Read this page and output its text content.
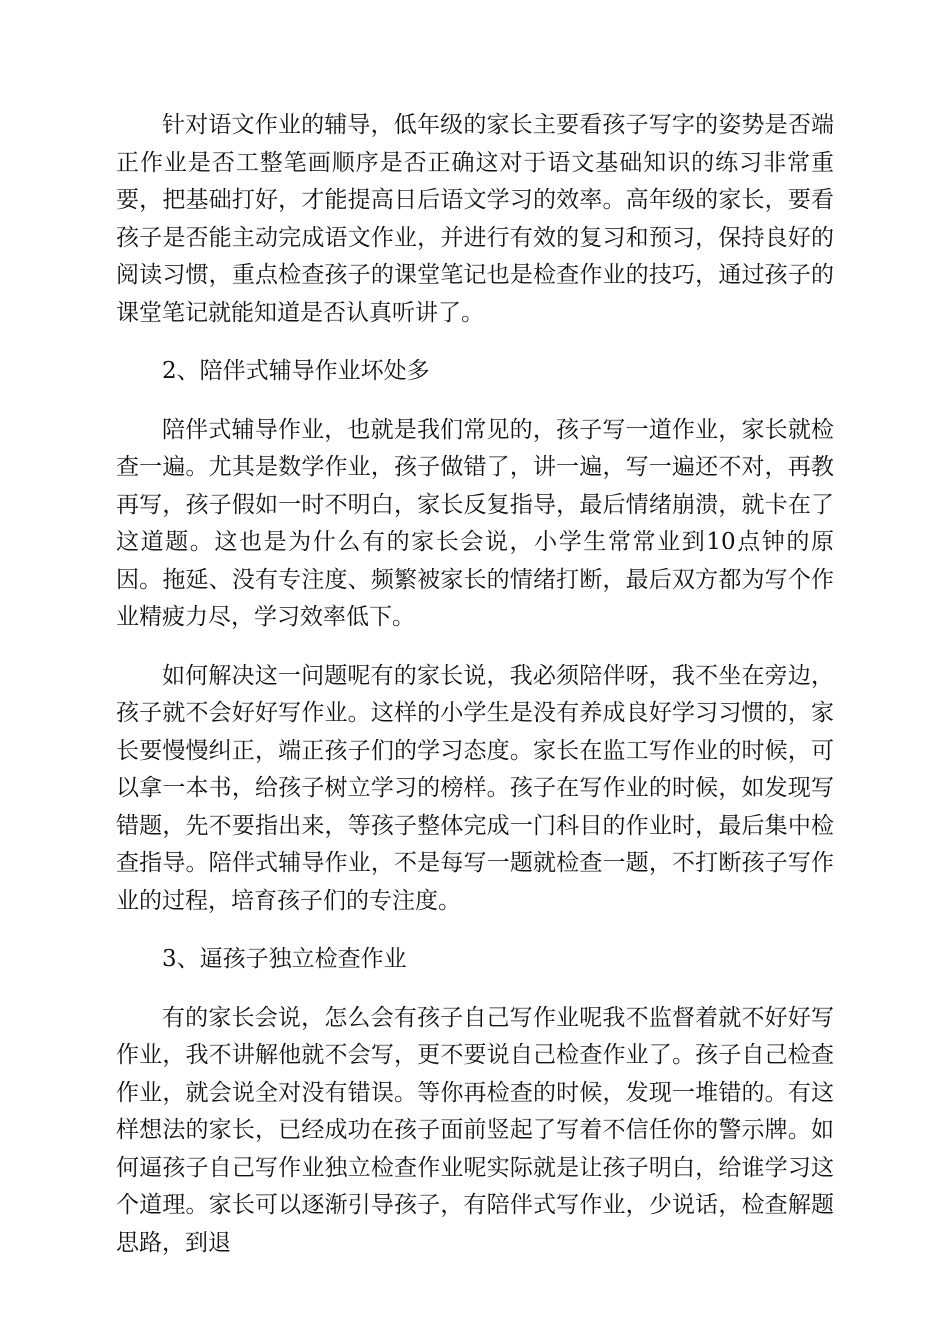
针对语文作业的辅导，低年级的家长主要看孩子写字的姿势是否端正作业是否工整笔画顺序是否正确这对于语文基础知识的练习非常重要，把基础打好，才能提高日后语文学习的效率。高年级的家长，要看孩子是否能主动完成语文作业，并进行有效的复习和预习，保持良好的阅读习惯，重点检查孩子的课堂笔记也是检查作业的技巧，通过孩子的课堂笔记就能知道是否认真听讲了。

2、陪伴式辅导作业坏处多

陪伴式辅导作业，也就是我们常见的，孩子写一道作业，家长就检查一遍。尤其是数学作业，孩子做错了，讲一遍，写一遍还不对，再教再写，孩子假如一时不明白，家长反复指导，最后情绪崩溃，就卡在了这道题。这也是为什么有的家长会说，小学生常常业到10点钟的原因。拖延、没有专注度、频繁被家长的情绪打断，最后双方都为写个作业精疲力尽，学习效率低下。

如何解决这一问题呢有的家长说，我必须陪伴呀，我不坐在旁边，孩子就不会好好写作业。这样的小学生是没有养成良好学习习惯的，家长要慢慢纠正，端正孩子们的学习态度。家长在监工写作业的时候，可以拿一本书，给孩子树立学习的榜样。孩子在写作业的时候，如发现写错题，先不要指出来，等孩子整体完成一门科目的作业时，最后集中检查指导。陪伴式辅导作业，不是每写一题就检查一题，不打断孩子写作业的过程，培育孩子们的专注度。

3、逼孩子独立检查作业

有的家长会说，怎么会有孩子自己写作业呢我不监督着就不好好写作业，我不讲解他就不会写，更不要说自己检查作业了。孩子自己检查作业，就会说全对没有错误。等你再检查的时候，发现一堆错的。有这样想法的家长，已经成功在孩子面前竖起了写着不信任你的警示牌。如何逼孩子自己写作业独立检查作业呢实际就是让孩子明白，给谁学习这个道理。家长可以逐渐引导孩子，有陪伴式写作业，少说话，检查解题思路，到退
